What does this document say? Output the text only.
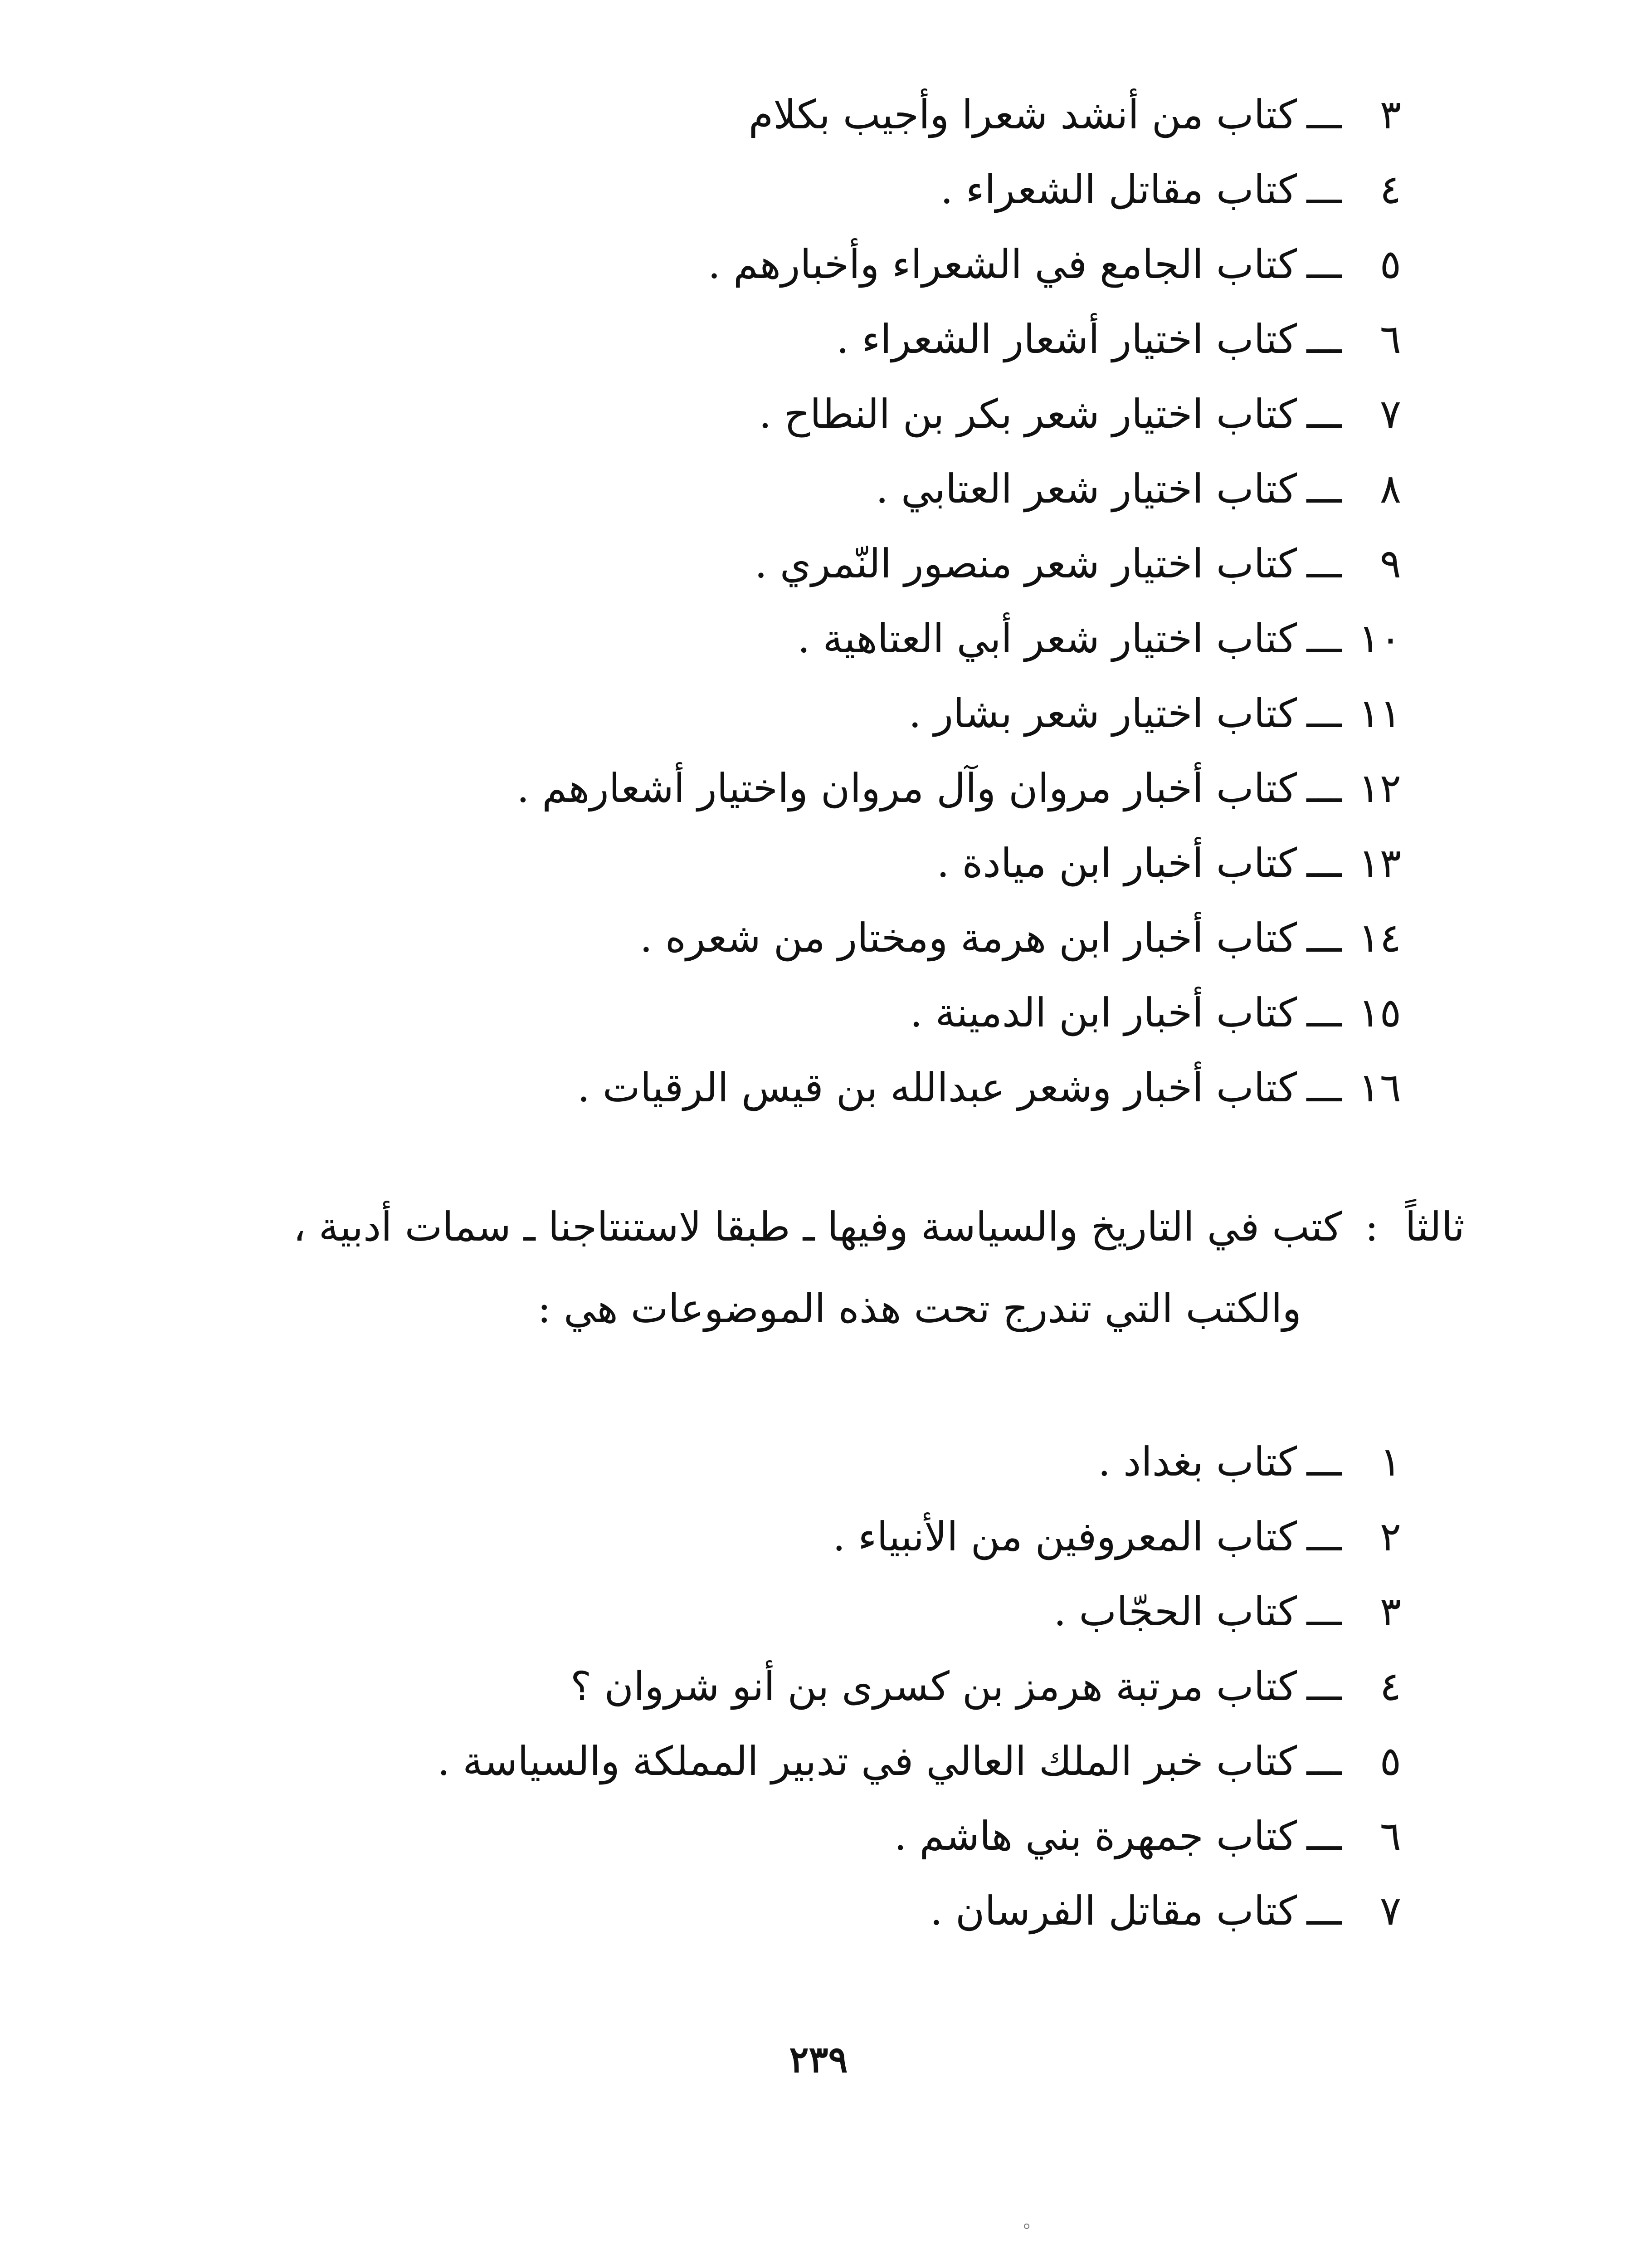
٣
ـــ
كتاب من أنشد شعرا وأجيب بكلام
٤
ـــ
كتاب مقاتل الشعراء .
٥
ـــ
كتاب الجامع في الشعراء وأخبارهم .
٦
ـــ
كتاب اختيار أشعار الشعراء .
٧
ـــ
كتاب اختيار شعر بكر بن النطاح .
٨
ـــ
كتاب اختيار شعر العتابي .
٩
ـــ
كتاب اختيار شعر منصور النّمري .
١٠
ـــ
كتاب اختيار شعر أبي العتاهية .
١١
ـــ
كتاب اختيار شعر بشار .
١٢
ـــ
كتاب أخبار مروان وآل مروان واختيار أشعارهم .
١٣
ـــ
كتاب أخبار ابن ميادة .
١٤
ـــ
كتاب أخبار ابن هرمة ومختار من شعره .
١٥
ـــ
كتاب أخبار ابن الدمينة .
١٦
ـــ
كتاب أخبار وشعر عبدالله بن قيس الرقيات .
ثالثاً:كتب في التاريخ والسياسة وفيها ـ طبقا لاستنتاجنا ـ سمات أدبية ،
والكتب التي تندرج تحت هذه الموضوعات هي :
١
ـــ
كتاب بغداد .
٢
ـــ
كتاب المعروفين من الأنبياء .
٣
ـــ
كتاب الحجّاب .
٤
ـــ
كتاب مرتبة هرمز بن كسرى بن أنو شروان ؟
٥
ـــ
كتاب خبر الملك العالي في تدبير المملكة والسياسة .
٦
ـــ
كتاب جمهرة بني هاشم .
٧
ـــ
كتاب مقاتل الفرسان .
٢٣٩
